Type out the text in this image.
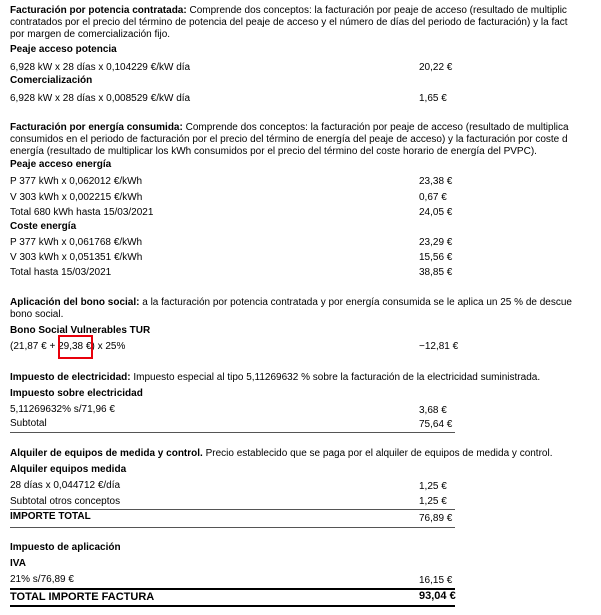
Facturación por potencia contratada: Comprende dos conceptos: la facturación por peaje de acceso (resultado de multiplic
contratados por el precio del término de potencia del peaje de acceso y el número de días del periodo de facturación) y la fact
por margen de comercialización fijo.
Peaje acceso potencia
6,928 kW x 28 días x 0,104229 €/kW día	20,22 €
Comercialización
6,928 kW x 28 días x 0,008529 €/kW día	1,65 €
Facturación por energía consumida: Comprende dos conceptos: la facturación por peaje de acceso (resultado de multiplica
consumidos en el periodo de facturación por el precio del término de energía del peaje de acceso) y la facturación por coste d
energía (resultado de multiplicar los kWh consumidos por el precio del término del coste horario de energía del PVPC).
Peaje acceso energía
P 377 kWh x 0,062012 €/kWh	23,38 €
V 303 kWh x 0,002215 €/kWh	0,67 €
Total 680 kWh hasta 15/03/2021	24,05 €
Coste energía
P 377 kWh x 0,061768 €/kWh	23,29 €
V 303 kWh x 0,051351 €/kWh	15,56 €
Total hasta 15/03/2021	38,85 €
Aplicación del bono social: a la facturación por potencia contratada y por energía consumida se le aplica un 25 % de descue
bono social.
Bono Social Vulnerables TUR
(21,87 € + 29,38 €) x 25%	−12,81 €
Impuesto de electricidad: Impuesto especial al tipo 5,11269632 % sobre la facturación de la electricidad suministrada.
Impuesto sobre electricidad
5,11269632% s/71,96 €	3,68 €
Subtotal	75,64 €
Alquiler de equipos de medida y control. Precio establecido que se paga por el alquiler de equipos de medida y control.
Alquiler equipos medida
28 días x 0,044712 €/día	1,25 €
Subtotal otros conceptos	1,25 €
IMPORTE TOTAL	76,89 €
Impuesto de aplicación
IVA
21% s/76,89 €	16,15 €
TOTAL IMPORTE FACTURA	93,04 €
